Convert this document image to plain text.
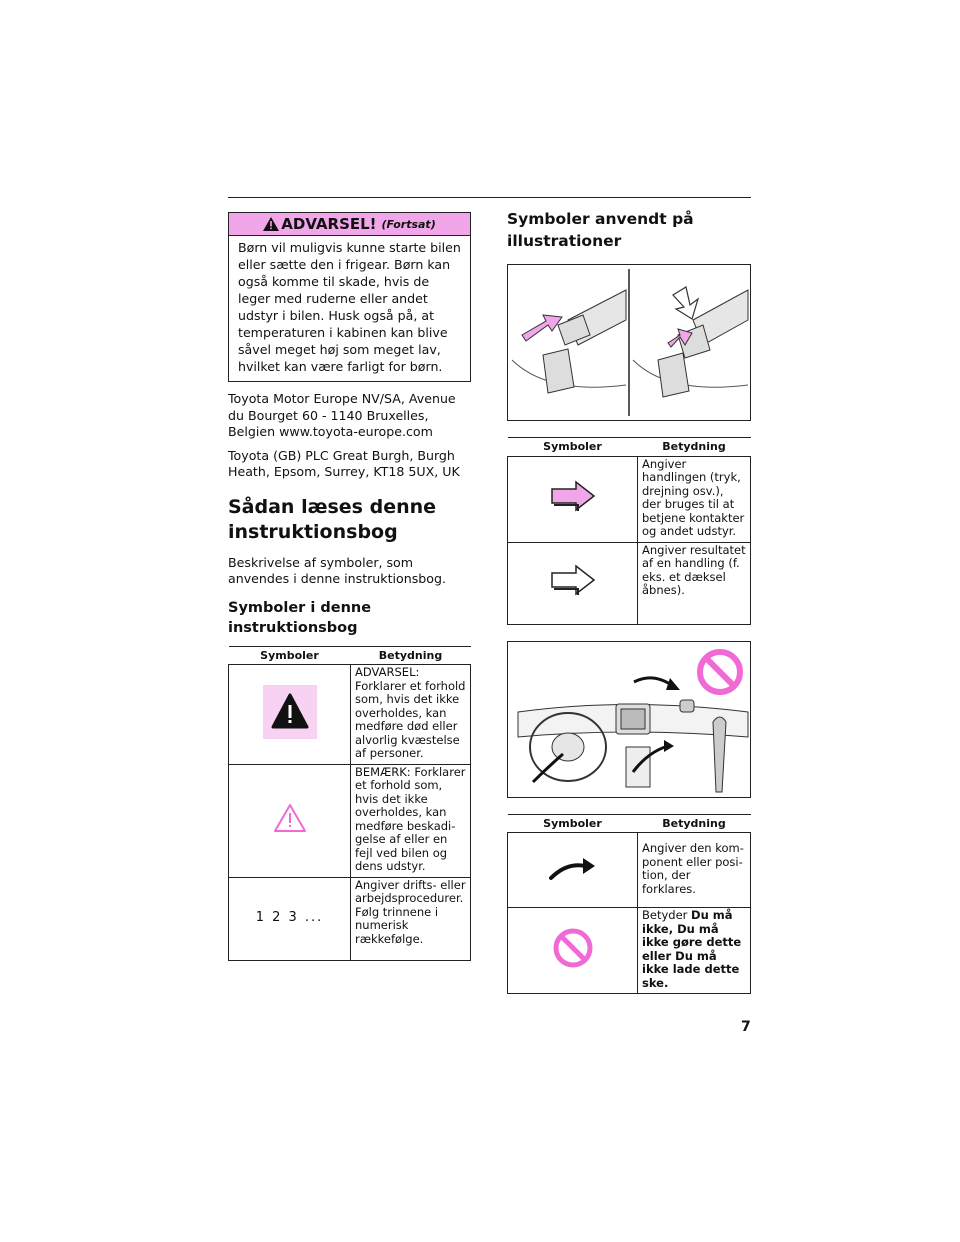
ADVARSEL! (Fortsat)
Børn vil muligvis kunne starte bilen eller sætte den i frigear. Børn kan også komme til skade, hvis de leger med ruderne eller andet udstyr i bilen. Husk også på, at temperaturen i kabinen kan blive såvel meget høj som meget lav, hvilket kan være farligt for børn.

Toyota Motor Europe NV/SA, Avenue du Bourget 60 - 1140 Bruxelles, Belgien www.toyota-europe.com

Toyota (GB) PLC Great Burgh, Burgh Heath, Epsom, Surrey, KT18 5UX, UK

Sådan læses denne instruktionsbog

Beskrivelse af symboler, som anvendes i denne instruktionsbog.

Symboler i denne instruktionsbog
Symboler	Betydning
	ADVARSEL: Forklarer et forhold som, hvis det ikke overholdes, kan medføre død eller alvorlig kvæstelse af personer.
	BEMÆRK: Forklarer et forhold som, hvis det ikke overholdes, kan medføre beskadi- gelse af eller en fejl ved bilen og dens udstyr.
1 2 3 ...	Angiver drifts- eller arbejdsprocedurer. Følg trinnene i numerisk rækkefølge.
Symboler anvendt på illustrationer
Symboler	Betydning
	Angiver handlingen (tryk, drejning osv.), der bruges til at betjene kontakter og andet udstyr.
	Angiver resultatet af en handling (f. eks. et dæksel åbnes).
Symboler	Betydning
	Angiver den kom- ponent eller posi- tion, der forklares.
	Betyder Du må ikke, Du må ikke gøre dette eller Du må ikke lade dette ske.
7
